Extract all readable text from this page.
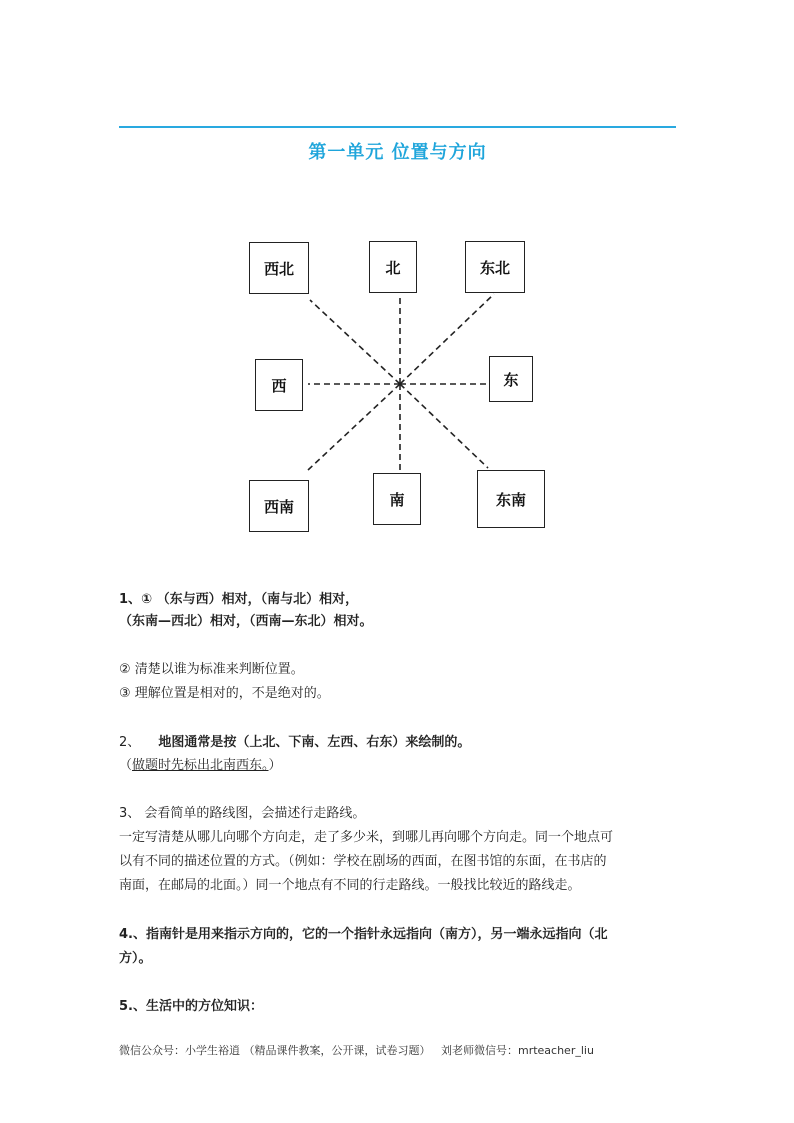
第一单元 位置与方向
西北	北	东北
西	东
西南	南	东南
1、① （东与西）相对，（南与北）相对，
（东南—西北）相对，（西南—东北）相对。
② 清楚以谁为标准来判断位置。
③ 理解位置是相对的，不是绝对的。
2、 地图通常是按（上北、下南、左西、右东）来绘制的。
（做题时先标出北南西东。）
3、 会看简单的路线图，会描述行走路线。
一定写清楚从哪儿向哪个方向走，走了多少米，到哪儿再向哪个方向走。同一个地点可
以有不同的描述位置的方式。（例如：学校在剧场的西面，在图书馆的东面，在书店的
南面，在邮局的北面。）同一个地点有不同的行走路线。一般找比较近的路线走。
4.、指南针是用来指示方向的，它的一个指针永远指向（南方），另一端永远指向（北
方）。
5.、生活中的方位知识：
微信公众号：小学生裕逍 （精品课件教案，公开课，试卷习题）   刘老师微信号：mrteacher_liu
